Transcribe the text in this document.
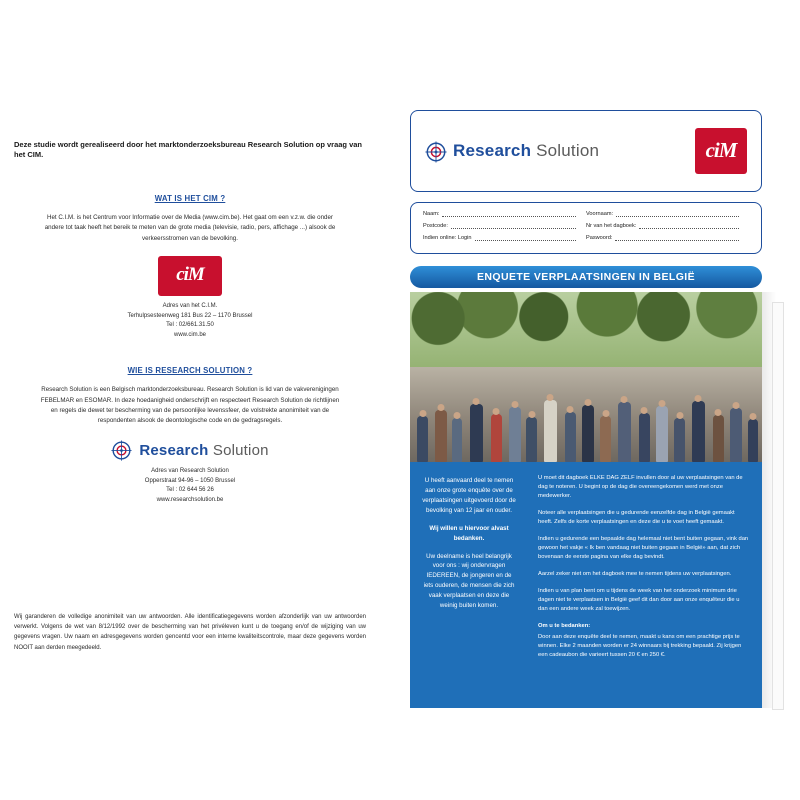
Deze studie wordt gerealiseerd door het marktonderzoeksbureau Research Solution op vraag van het CIM.

WAT IS HET CIM ?
Het C.I.M. is het Centrum voor Informatie over de Media (www.cim.be). Het gaat om een v.z.w. die onder andere tot taak heeft het bereik te meten van de grote media (televisie, radio, pers, affichage ...) alsook de verkeersstromen van de bevolking.
ciM
Adres van het C.I.M.
Terhulpsesteenweg 181 Bus 22 – 1170 Brussel
Tel : 02/661.31.50
www.cim.be
WIE IS RESEARCH SOLUTION ?
Research Solution is een Belgisch marktonderzoeksbureau. Research Solution is lid van de vakverenigingen FEBELMAR en ESOMAR. In deze hoedanigheid onderschrijft en respecteert Research Solution de richtlijnen en regels die dewet ter bescherming van de persoonlijke levenssfeer, de volstrekte anonimiteit van de respondenten alsook de deontologische code en de gedragsregels.
Research Solution
Adres van Research Solution
Opperstraat 94-96 – 1050 Brussel
Tel : 02 644 56 26
www.researchsolution.be
Wij garanderen de volledige anonimiteit van uw antwoorden. Alle identificatiegegevens worden afzonderlijk van uw antwoorden verwerkt. Volgens de wet van 8/12/1992 over de bescherming van het privéleven kunt u de toegang en/of de wijziging van uw gegevens vragen. Uw naam en adresgegevens worden gencentd voor een interne kwaliteitscontrole, maar deze gegevens worden NOOIT aan derden meegedeeld.
Research Solution	ciM
Naam:	Voornaam:
Postcode:	Nr van het dagboek:
Indien online: Login	Paswoord:
ENQUETE VERPLAATSINGEN IN BELGIË
U heeft aanvaard deel te nemen aan onze grote enquête over de verplaatsingen uitgevoerd door de bevolking van 12 jaar en ouder.
Wij willen u hiervoor alvast bedanken.
Uw deelname is heel belangrijk voor ons : wij ondervragen IEDEREEN, de jongeren en de iets ouderen, de mensen die zich vaak verplaatsen en deze die weinig buiten komen.

U moet dit dagboek ELKE DAG ZELF invullen door al uw verplaatsingen van de dag te noteren. U begint op de dag die overeengekomen werd met onze medewerker.

Noteer alle verplaatsingen die u gedurende eenzelfde dag in België gemaakt heeft. Zelfs de korte verplaatsingen en deze die u te voet heeft gemaakt.

Indien u gedurende een bepaalde dag helemaal niet bent buiten gegaan, vink dan gewoon het vakje « Ik ben vandaag niet buiten gegaan in België» aan, dat zich bovenaan de eerste pagina van elke dag bevindt.

Aarzel zeker niet om het dagboek mee te nemen tijdens uw verplaatsingen.

Indien u van plan bent om u tijdens de week van het onderzoek minimum drie dagen niet te verplaatsen in België geef dit dan door aan onze enquêteur die u dan een andere week zal toewijzen.

Om u te bedanken:

Door aan deze enquête deel te nemen, maakt u kans om een prachtige prijs te winnen. Elke 2 maanden worden er 24 winnaars bij trekking bepaald. Zij krijgen een cadeaubon die varieert tussen 20 € en 250 €.
